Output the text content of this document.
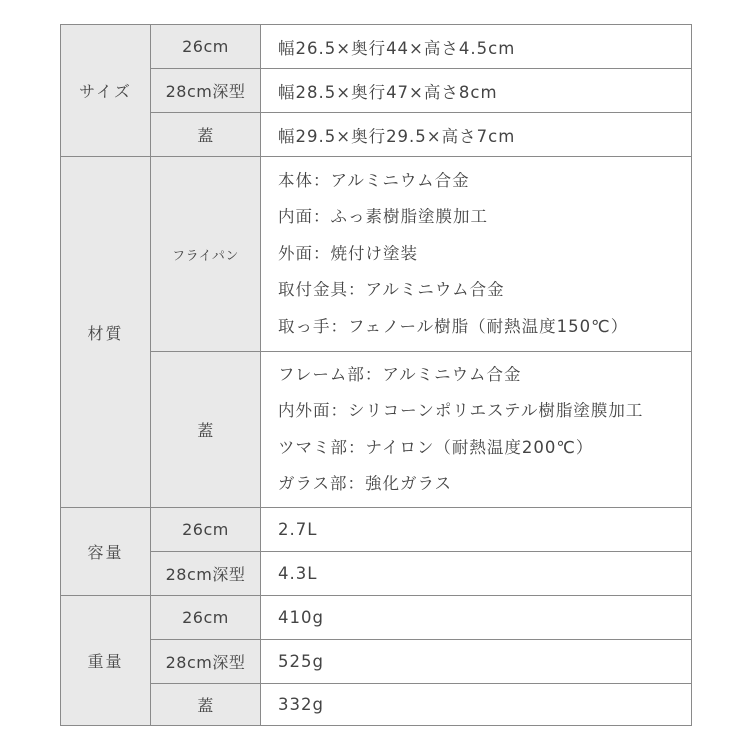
サイズ	26cm	幅26.5×奥行44×高さ4.5cm
	28cm深型	幅28.5×奥行47×高さ8cm
	蓋	幅29.5×奥行29.5×高さ7cm
材質	フライパン	本体：アルミニウム合金
内面：ふっ素樹脂塗膜加工
外面：焼付け塗装
取付金具：アルミニウム合金
取っ手：フェノール樹脂（耐熱温度150℃）

	蓋	フレーム部：アルミニウム合金
内外面：シリコーンポリエステル樹脂塗膜加工
ツマミ部：ナイロン（耐熱温度200℃）
ガラス部：強化ガラス

容量	26cm	2.7L
	28cm深型	4.3L
重量	26cm	410g
	28cm深型	525g
	蓋	332g
